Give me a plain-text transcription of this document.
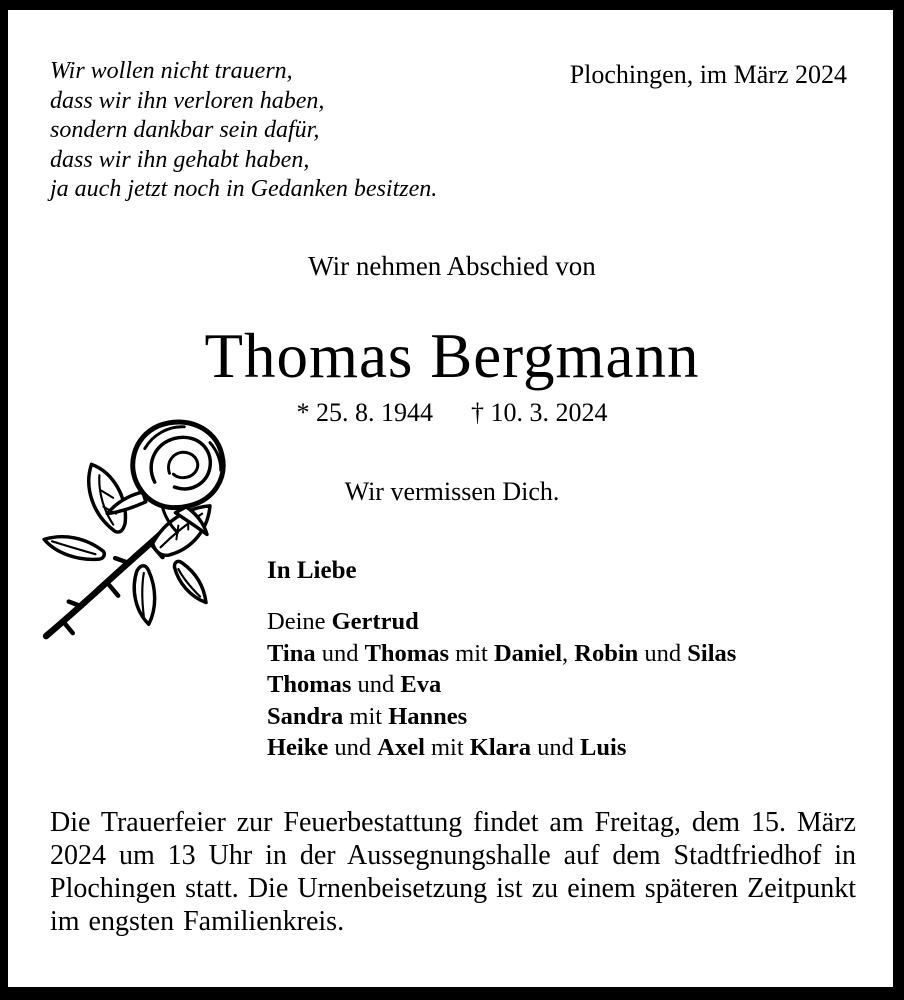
Wir wollen nicht trauern,
dass wir ihn verloren haben,
sondern dankbar sein dafür,
dass wir ihn gehabt haben,
ja auch jetzt noch in Gedanken besitzen.
Plochingen, im März 2024
Wir nehmen Abschied von
Thomas Bergmann
* 25. 8. 1944 † 10. 3. 2024
Wir vermissen Dich.
In Liebe
Deine Gertrud
Tina und Thomas mit Daniel, Robin und Silas
Thomas und Eva
Sandra mit Hannes
Heike und Axel mit Klara und Luis

Die Trauerfeier zur Feuerbestattung findet am Freitag, dem 15. März 2024 um 13 Uhr in der Aussegnungshalle auf dem Stadtfriedhof in Plochingen statt. Die Urnenbeisetzung ist zu einem späteren Zeitpunkt im engsten Familienkreis.
